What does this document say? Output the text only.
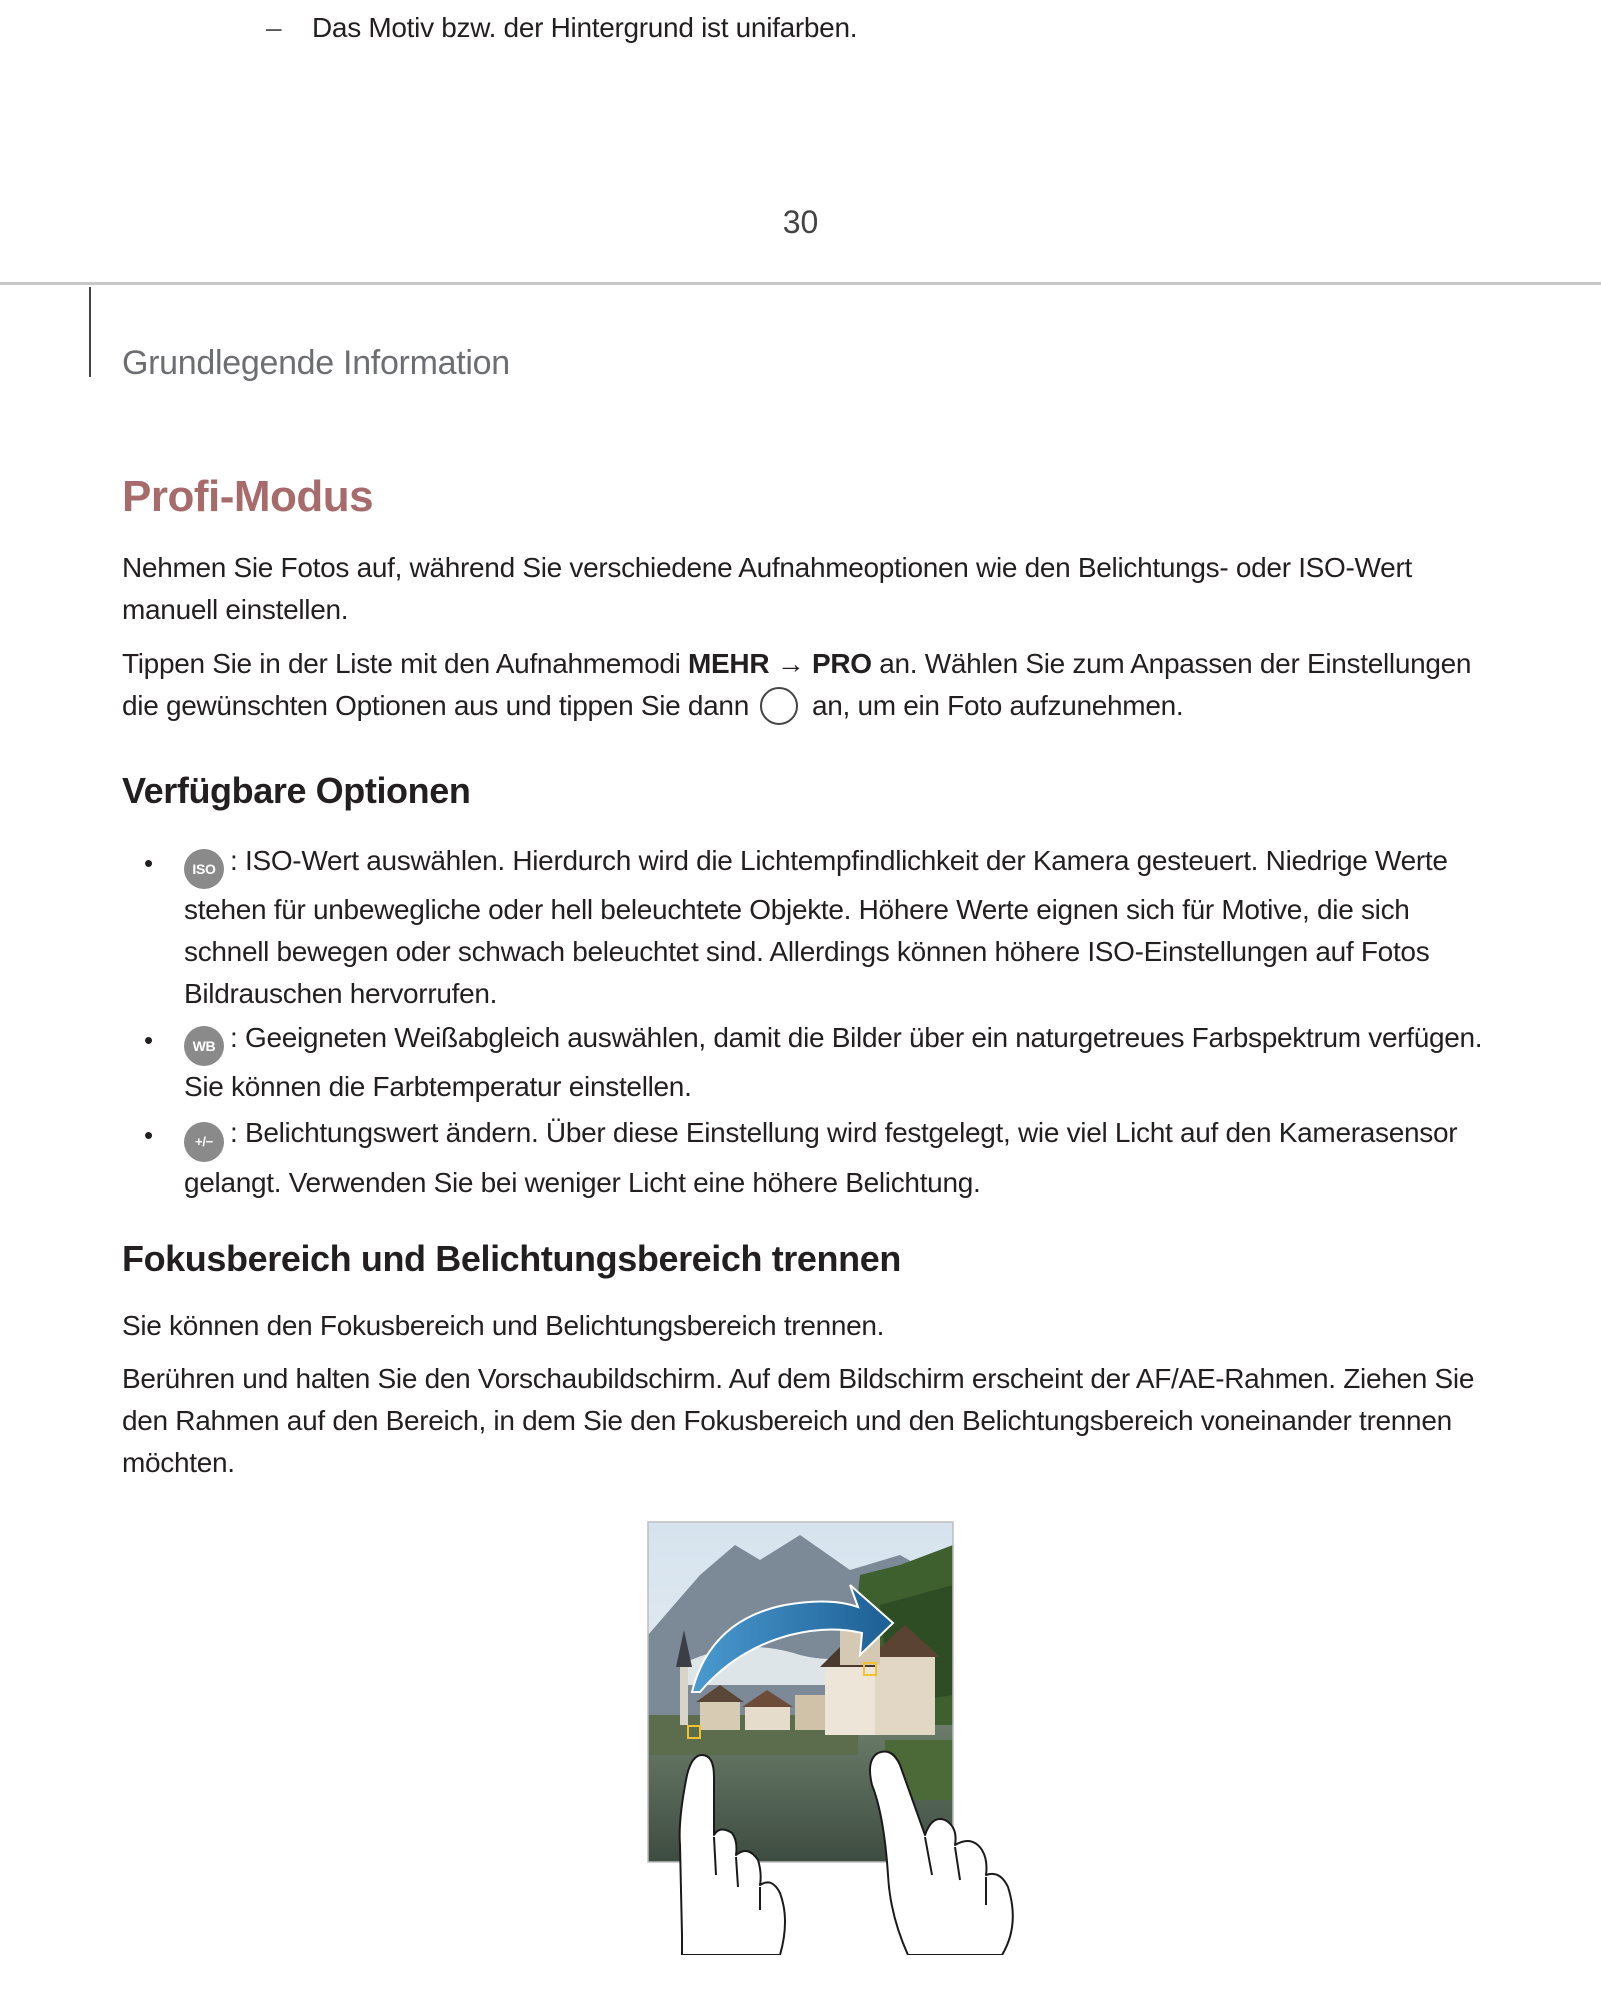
– Das Motiv bzw. der Hintergrund ist unifarben.
30
Grundlegende Information
Profi-Modus
Nehmen Sie Fotos auf, während Sie verschiedene Aufnahmeoptionen wie den Belichtungs- oder ISO-Wert manuell einstellen.
Tippen Sie in der Liste mit den Aufnahmemodi MEHR → PRO an. Wählen Sie zum Anpassen der Einstellungen die gewünschten Optionen aus und tippen Sie dann  an, um ein Foto aufzunehmen.
Verfügbare Optionen
•	ISO : ISO-Wert auswählen. Hierdurch wird die Lichtempfindlichkeit der Kamera gesteuert. Niedrige Werte stehen für unbewegliche oder hell beleuchtete Objekte. Höhere Werte eignen sich für Motive, die sich schnell bewegen oder schwach beleuchtet sind. Allerdings können höhere ISO-Einstellungen auf Fotos Bildrauschen hervorrufen.
•	WB : Geeigneten Weißabgleich auswählen, damit die Bilder über ein naturgetreues Farbspektrum verfügen. Sie können die Farbtemperatur einstellen.
•	+/− : Belichtungswert ändern. Über diese Einstellung wird festgelegt, wie viel Licht auf den Kamerasensor gelangt. Verwenden Sie bei weniger Licht eine höhere Belichtung.
Fokusbereich und Belichtungsbereich trennen
Sie können den Fokusbereich und Belichtungsbereich trennen.
Berühren und halten Sie den Vorschaubildschirm. Auf dem Bildschirm erscheint der AF/AE-Rahmen. Ziehen Sie den Rahmen auf den Bereich, in dem Sie den Fokusbereich und den Belichtungsbereich voneinander trennen möchten.
